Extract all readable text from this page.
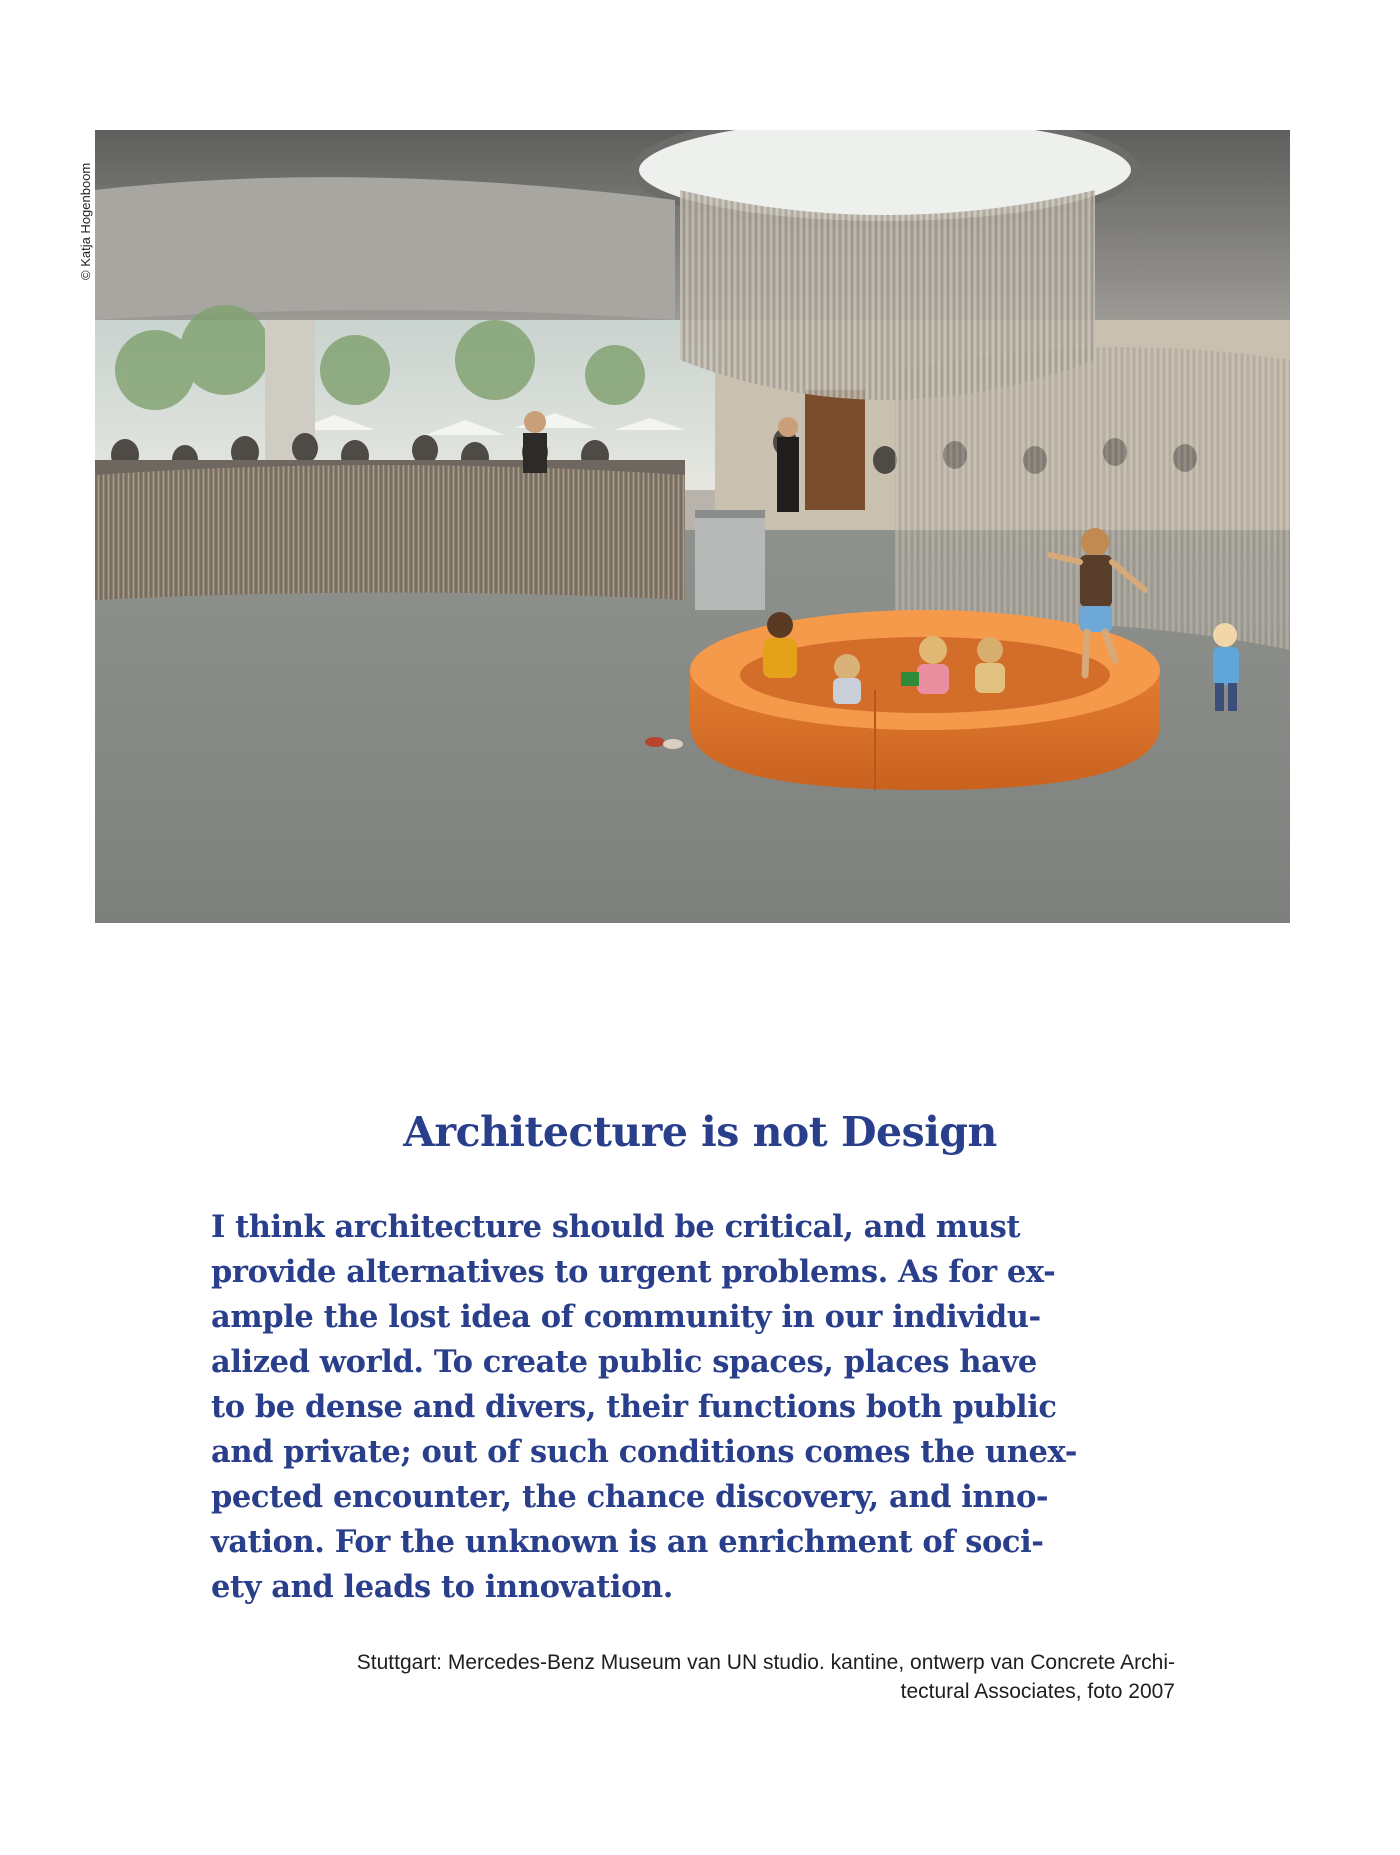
© Katja Hogenboom
Architecture is not Design
I think architecture should be critical, and must
provide alternatives to urgent problems. As for ex-
ample the lost idea of community in our individu-
alized world. To create public spaces, places have
to be dense and divers, their functions both public
and private; out of such conditions comes the unex-
pected encounter, the chance discovery, and inno-
vation. For the unknown is an enrichment of soci-
ety and leads to innovation.
Stuttgart: Mercedes-Benz Museum van UN studio. kantine, ontwerp van Concrete Archi-
tectural Associates, foto 2007
